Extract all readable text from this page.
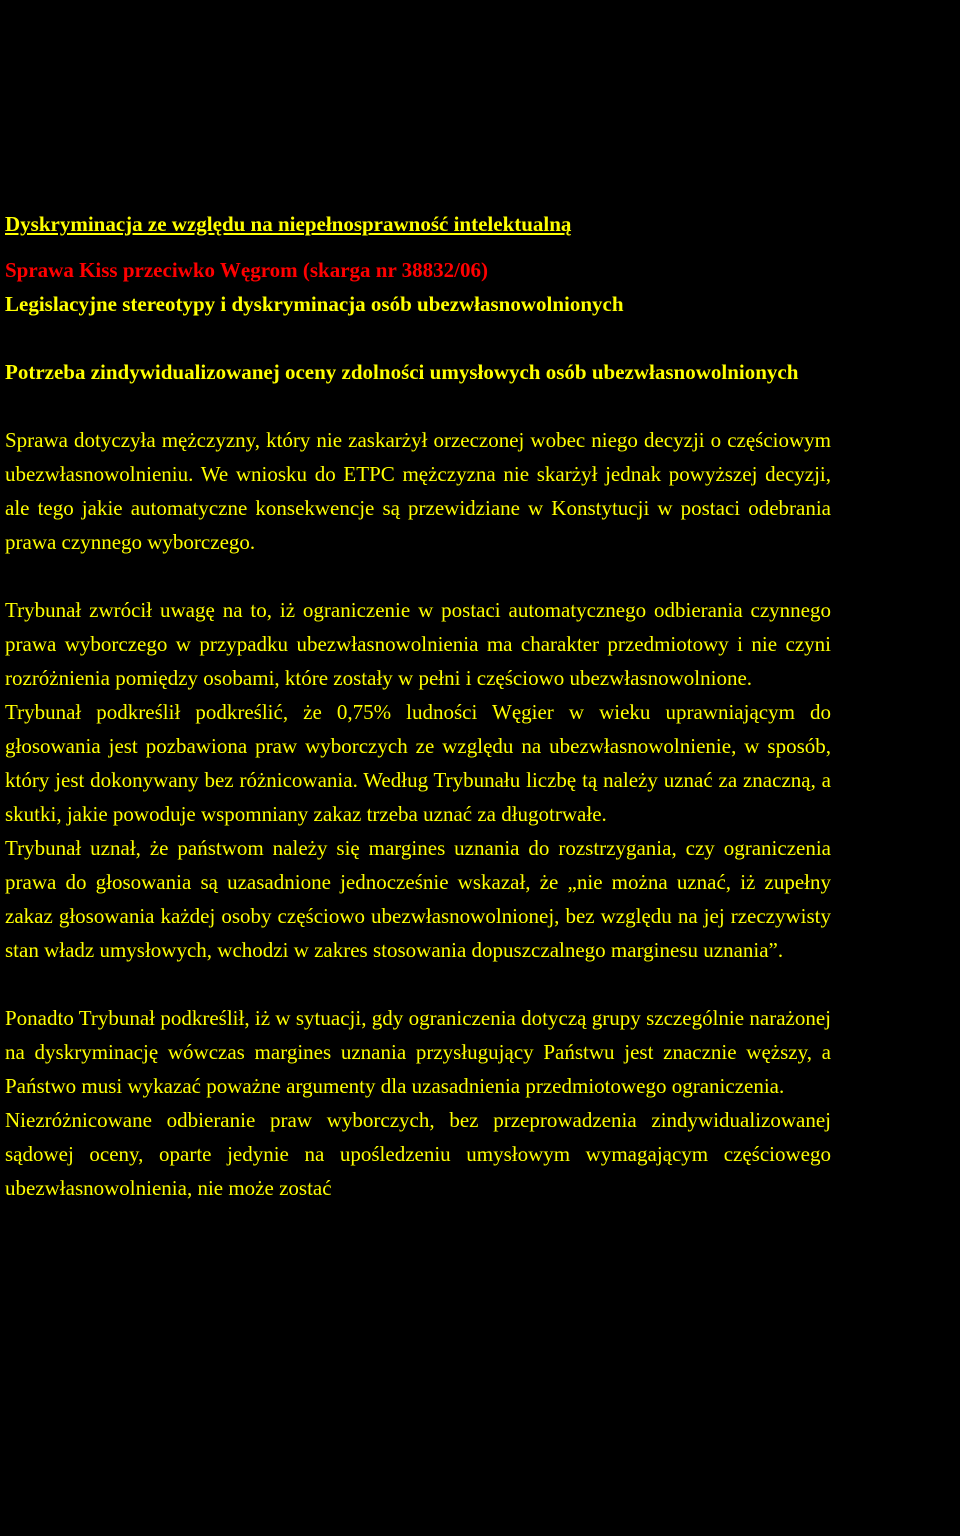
Dyskryminacja ze względu na niepełnosprawność intelektualną

Sprawa Kiss przeciwko Węgrom (skarga nr 38832/06)

Legislacyjne stereotypy i dyskryminacja osób ubezwłasnowolnionych

Potrzeba zindywidualizowanej oceny zdolności umysłowych osób ubezwłasnowolnionych

Sprawa dotyczyła mężczyzny, który nie zaskarżył orzeczonej wobec niego decyzji o częściowym ubezwłasnowolnieniu. We wniosku do ETPC mężczyzna nie skarżył jednak powyższej decyzji, ale tego jakie automatyczne konsekwencje są przewidziane w Konstytucji w postaci odebrania prawa czynnego wyborczego.

Trybunał zwrócił uwagę na to, iż ograniczenie w postaci automatycznego odbierania czynnego prawa wyborczego w przypadku ubezwłasnowolnienia ma charakter przedmiotowy i nie czyni rozróżnienia pomiędzy osobami, które zostały w pełni i częściowo ubezwłasnowolnione.

Trybunał podkreślił podkreślić, że 0,75% ludności Węgier w wieku uprawniającym do głosowania jest pozbawiona praw wyborczych ze względu na ubezwłasnowolnienie, w sposób, który jest dokonywany bez różnicowania. Według Trybunału liczbę tą należy uznać za znaczną, a skutki, jakie powoduje wspomniany zakaz trzeba uznać za długotrwałe.

Trybunał uznał, że państwom należy się margines uznania do rozstrzygania, czy ograniczenia prawa do głosowania są uzasadnione jednocześnie wskazał, że „nie można uznać, iż zupełny zakaz głosowania każdej osoby częściowo ubezwłasnowolnionej, bez względu na jej rzeczywisty stan władz umysłowych, wchodzi w zakres stosowania dopuszczalnego marginesu uznania”.

Ponadto Trybunał podkreślił, iż w sytuacji, gdy ograniczenia dotyczą grupy szczególnie narażonej na dyskryminację wówczas margines uznania przysługujący Państwu jest znacznie węższy, a Państwo musi wykazać poważne argumenty dla uzasadnienia przedmiotowego ograniczenia.

Niezróżnicowane odbieranie praw wyborczych, bez przeprowadzenia zindywidualizowanej sądowej oceny, oparte jedynie na upośledzeniu umysłowym wymagającym częściowego ubezwłasnowolnienia, nie może zostać
